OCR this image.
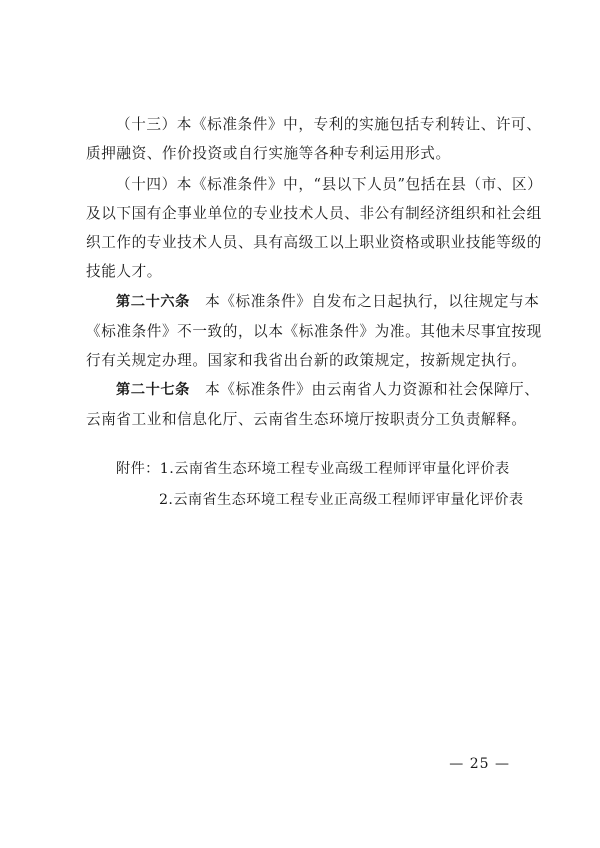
（十三）本《标准条件》中，专利的实施包括专利转让、许可、
质押融资、作价投资或自行实施等各种专利运用形式。

（十四）本《标准条件》中，“县以下人员”包括在县（市、区）
及以下国有企事业单位的专业技术人员、非公有制经济组织和社会组
织工作的专业技术人员、具有高级工以上职业资格或职业技能等级的
技能人才。

第二十六条　本《标准条件》自发布之日起执行，以往规定与本
《标准条件》不一致的，以本《标准条件》为准。其他未尽事宜按现
行有关规定办理。国家和我省出台新的政策规定，按新规定执行。

第二十七条　本《标准条件》由云南省人力资源和社会保障厅、
云南省工业和信息化厅、云南省生态环境厅按职责分工负责解释。

附件：1.云南省生态环境工程专业高级工程师评审量化评价表
2.云南省生态环境工程专业正高级工程师评审量化评价表
— 25 —
